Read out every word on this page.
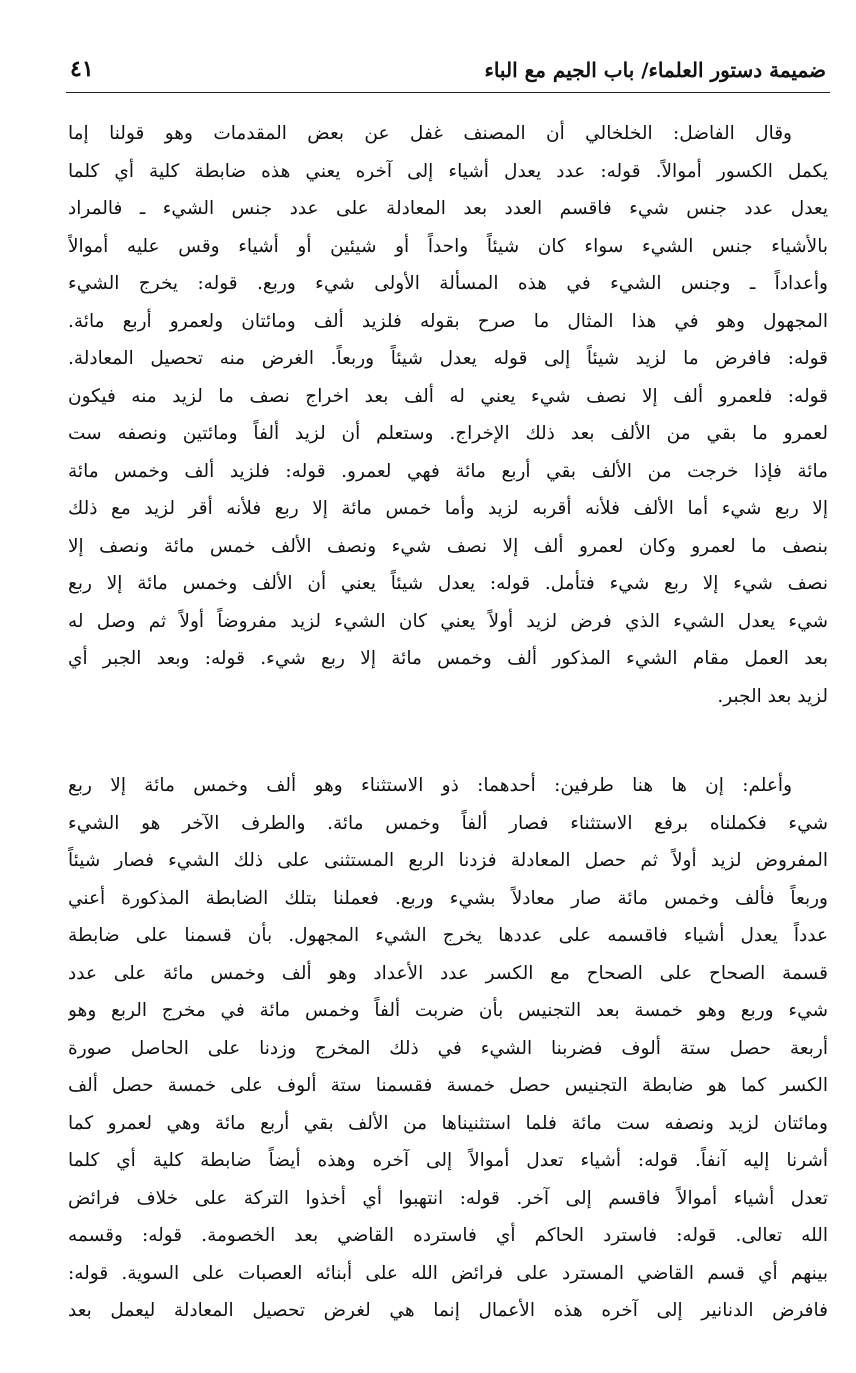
ضميمة دستور العلماء/ باب الجيم مع الباء
٤١
وقال الفاضل: الخلخالي أن المصنف غفل عن بعض المقدمات وهو قولنا إما
يكمل الكسور أموالاً. قوله: عدد يعدل أشياء إلى آخره يعني هذه ضابطة كلية أي كلما
يعدل عدد جنس شيء فاقسم العدد بعد المعادلة على عدد جنس الشيء ـ فالمراد
بالأشياء جنس الشيء سواء كان شيئاً واحداً أو شيئين أو أشياء وقس عليه أموالاً
وأعداداً ـ وجنس الشيء في هذه المسألة الأولى شيء وربع. قوله: يخرج الشيء
المجهول وهو في هذا المثال ما صرح بقوله فلزيد ألف ومائتان ولعمرو أربع مائة.
قوله: فافرض ما لزيد شيئاً إلى قوله يعدل شيئاً وربعاً. الغرض منه تحصيل المعادلة.
قوله: فلعمرو ألف إلا نصف شيء يعني له ألف بعد اخراج نصف ما لزيد منه فيكون
لعمرو ما بقي من الألف بعد ذلك الإخراج. وستعلم أن لزيد ألفاً ومائتين ونصفه ست
مائة فإذا خرجت من الألف بقي أربع مائة فهي لعمرو. قوله: فلزيد ألف وخمس مائة
إلا ربع شيء أما الألف فلأنه أقربه لزيد وأما خمس مائة إلا ربع فلأنه أقر لزيد مع ذلك
بنصف ما لعمرو وكان لعمرو ألف إلا نصف شيء ونصف الألف خمس مائة ونصف إلا
نصف شيء إلا ربع شيء فتأمل. قوله: يعدل شيئاً يعني أن الألف وخمس مائة إلا ربع
شيء يعدل الشيء الذي فرض لزيد أولاً يعني كان الشيء لزيد مفروضاً أولاً ثم وصل له
بعد العمل مقام الشيء المذكور ألف وخمس مائة إلا ربع شيء. قوله: وبعد الجبر أي
لزيد بعد الجبر.
وأعلم: إن ها هنا طرفين: أحدهما: ذو الاستثناء وهو ألف وخمس مائة إلا ربع
شيء فكملناه برفع الاستثناء فصار ألفاً وخمس مائة. والطرف الآخر هو الشيء
المفروض لزيد أولاً ثم حصل المعادلة فزدنا الربع المستثنى على ذلك الشيء فصار شيئاً
وربعاً فألف وخمس مائة صار معادلاً بشيء وربع. فعملنا بتلك الضابطة المذكورة أعني
عدداً يعدل أشياء فاقسمه على عددها يخرج الشيء المجهول. بأن قسمنا على ضابطة
قسمة الصحاح على الصحاح مع الكسر عدد الأعداد وهو ألف وخمس مائة على عدد
شيء وربع وهو خمسة بعد التجنيس بأن ضربت ألفاً وخمس مائة في مخرج الربع وهو
أربعة حصل ستة ألوف فضربنا الشيء في ذلك المخرج وزدنا على الحاصل صورة
الكسر كما هو ضابطة التجنيس حصل خمسة فقسمنا ستة ألوف على خمسة حصل ألف
ومائتان لزيد ونصفه ست مائة فلما استثنيناها من الألف بقي أربع مائة وهي لعمرو كما
أشرنا إليه آنفاً. قوله: أشياء تعدل أموالاً إلى آخره وهذه أيضاً ضابطة كلية أي كلما
تعدل أشياء أموالاً فاقسم إلى آخر. قوله: انتهبوا أي أخذوا التركة على خلاف فرائض
الله تعالى. قوله: فاسترد الحاكم أي فاسترده القاضي بعد الخصومة. قوله: وقسمه
بينهم أي قسم القاضي المسترد على فرائض الله على أبنائه العصبات على السوية. قوله:
فافرض الدنانير إلى آخره هذه الأعمال إنما هي لغرض تحصيل المعادلة ليعمل بعد
